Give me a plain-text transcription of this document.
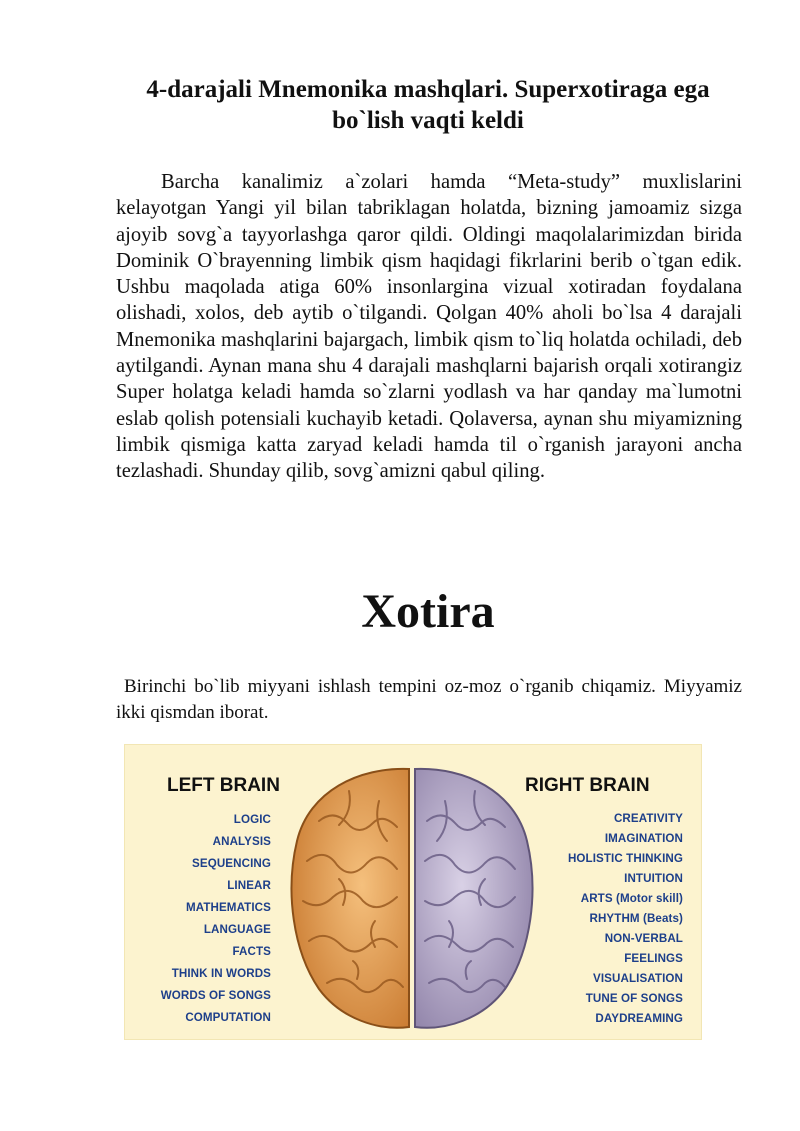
4-darajali Mnemonika mashqlari. Superxotiraga ega bo`lish vaqti keldi

Barcha kanalimiz a`zolari hamda “Meta-study” muxlislarini kelayotgan Yangi yil bilan tabriklagan holatda, bizning jamoamiz sizga ajoyib sovg`a tayyorlashga qaror qildi. Oldingi maqolalarimizdan birida Dominik O`brayenning limbik qism haqidagi fikrlarini berib o`tgan edik. Ushbu maqolada atiga 60% insonlargina vizual xotiradan foydalana olishadi, xolos, deb aytib o`tilgandi. Qolgan 40% aholi bo`lsa 4 darajali Mnemonika mashqlarini bajargach, limbik qism to`liq holatda ochiladi, deb aytilgandi. Aynan mana shu 4 darajali mashqlarni bajarish orqali xotirangiz Super holatga keladi hamda so`zlarni yodlash va har qanday ma`lumotni eslab qolish potensiali kuchayib ketadi. Qolaversa, aynan shu miyamizning limbik qismiga katta zaryad keladi hamda til o`rganish jarayoni ancha tezlashadi. Shunday qilib, sovg`amizni qabul qiling.

Xotira

Birinchi bo`lib miyyani ishlash tempini oz-moz o`rganib chiqamiz. Miyyamiz ikki qismdan iborat.

LEFT BRAIN	RIGHT BRAIN
LOGIC
ANALYSIS
SEQUENCING
LINEAR
MATHEMATICS
LANGUAGE
FACTS
THINK IN WORDS
WORDS OF SONGS
COMPUTATION
CREATIVITY
IMAGINATION
HOLISTIC THINKING
INTUITION
ARTS (Motor skill)
RHYTHM (Beats)
NON-VERBAL
FEELINGS
VISUALISATION
TUNE OF SONGS
DAYDREAMING
